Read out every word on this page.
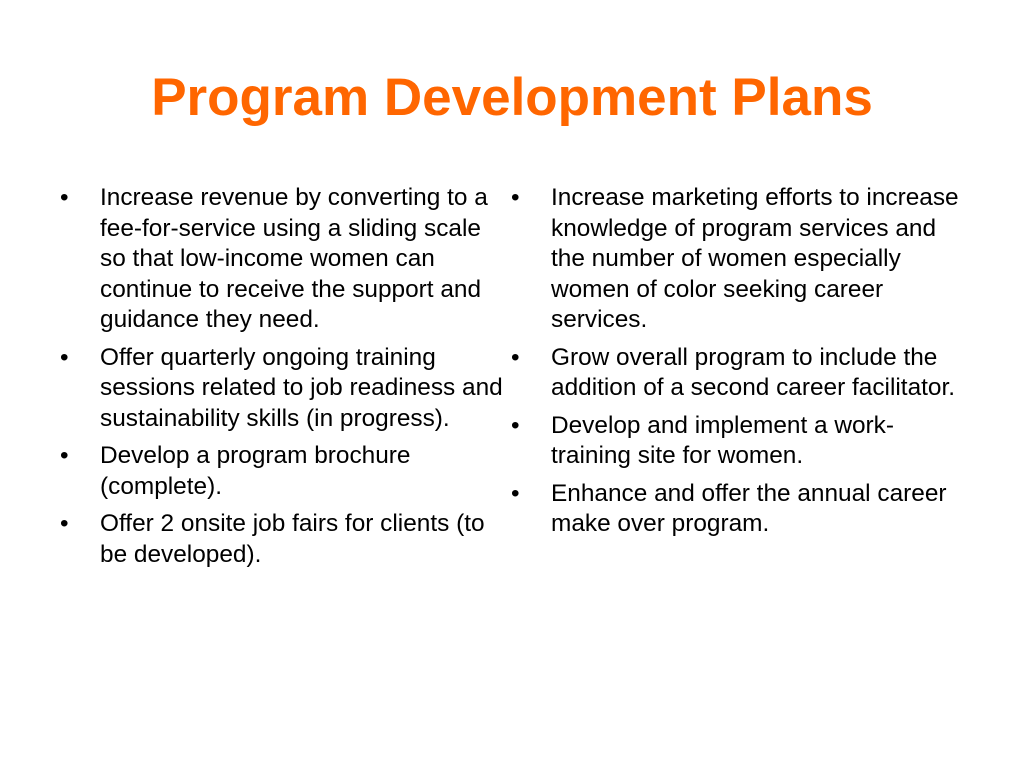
Program Development Plans
• Increase revenue by converting to a fee-for-service using a sliding scale so that low-income women can continue to receive the support and guidance they need.
• Offer quarterly ongoing training sessions related to job readiness and sustainability skills (in progress).
• Develop a program brochure (complete).
• Offer 2 onsite job fairs for clients (to be developed).
• Increase marketing efforts to increase knowledge of program services and the number of women especially women of color seeking career services.
• Grow overall program to include the addition of a second career facilitator.
• Develop and implement a work-training site for women.
• Enhance and offer the annual career make over program.
